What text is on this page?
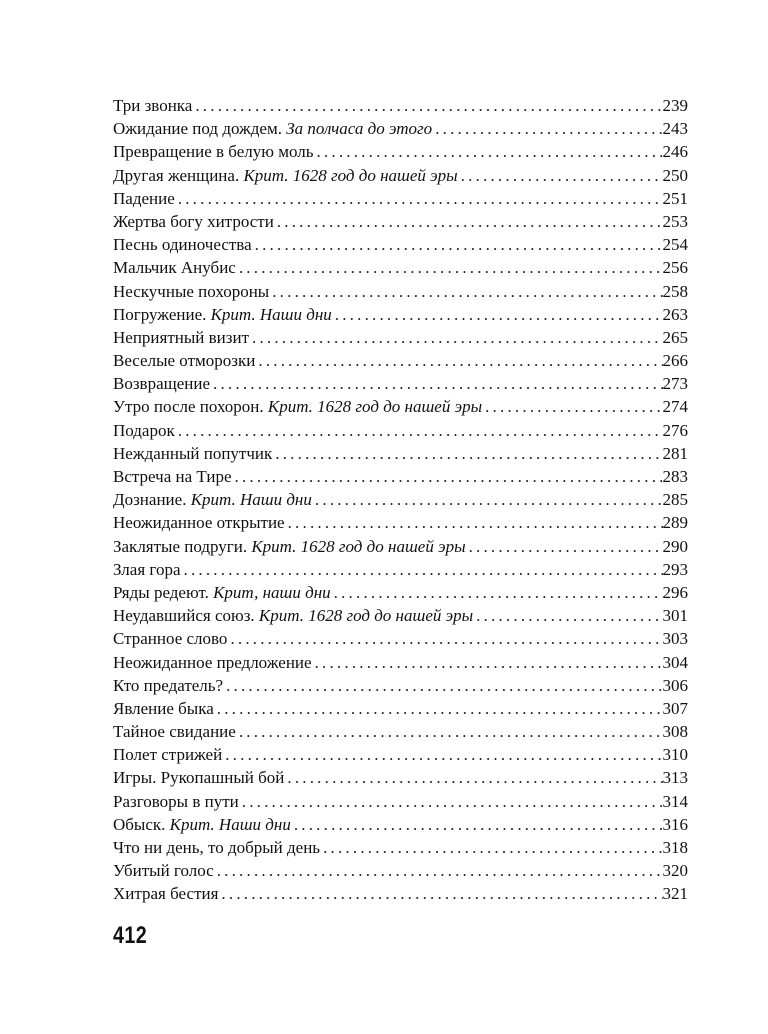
Три звонка .....	239
Ожидание под дождем. За полчаса до этого .....	243
Превращение в белую моль .....	246
Другая женщина. Крит. 1628 год до нашей эры .....	250
Падение .....	251
Жертва богу хитрости .....	253
Песнь одиночества .....	254
Мальчик Анубис .....	256
Нескучные похороны .....	258
Погружение. Крит. Наши дни .....	263
Неприятный визит .....	265
Веселые отморозки .....	266
Возвращение .....	273
Утро после похорон. Крит. 1628 год до нашей эры .....	274
Подарок .....	276
Нежданный попутчик .....	281
Встреча на Тире .....	283
Дознание. Крит. Наши дни .....	285
Неожиданное открытие .....	289
Заклятые подруги. Крит. 1628 год до нашей эры .....	290
Злая гора .....	293
Ряды редеют. Крит, наши дни .....	296
Неудавшийся союз. Крит. 1628 год до нашей эры .....	301
Странное слово .....	303
Неожиданное предложение .....	304
Кто предатель? .....	306
Явление быка .....	307
Тайное свидание .....	308
Полет стрижей .....	310
Игры. Рукопашный бой .....	313
Разговоры в пути .....	314
Обыск. Крит. Наши дни .....	316
Что ни день, то добрый день .....	318
Убитый голос .....	320
Хитрая бестия .....	321
412
